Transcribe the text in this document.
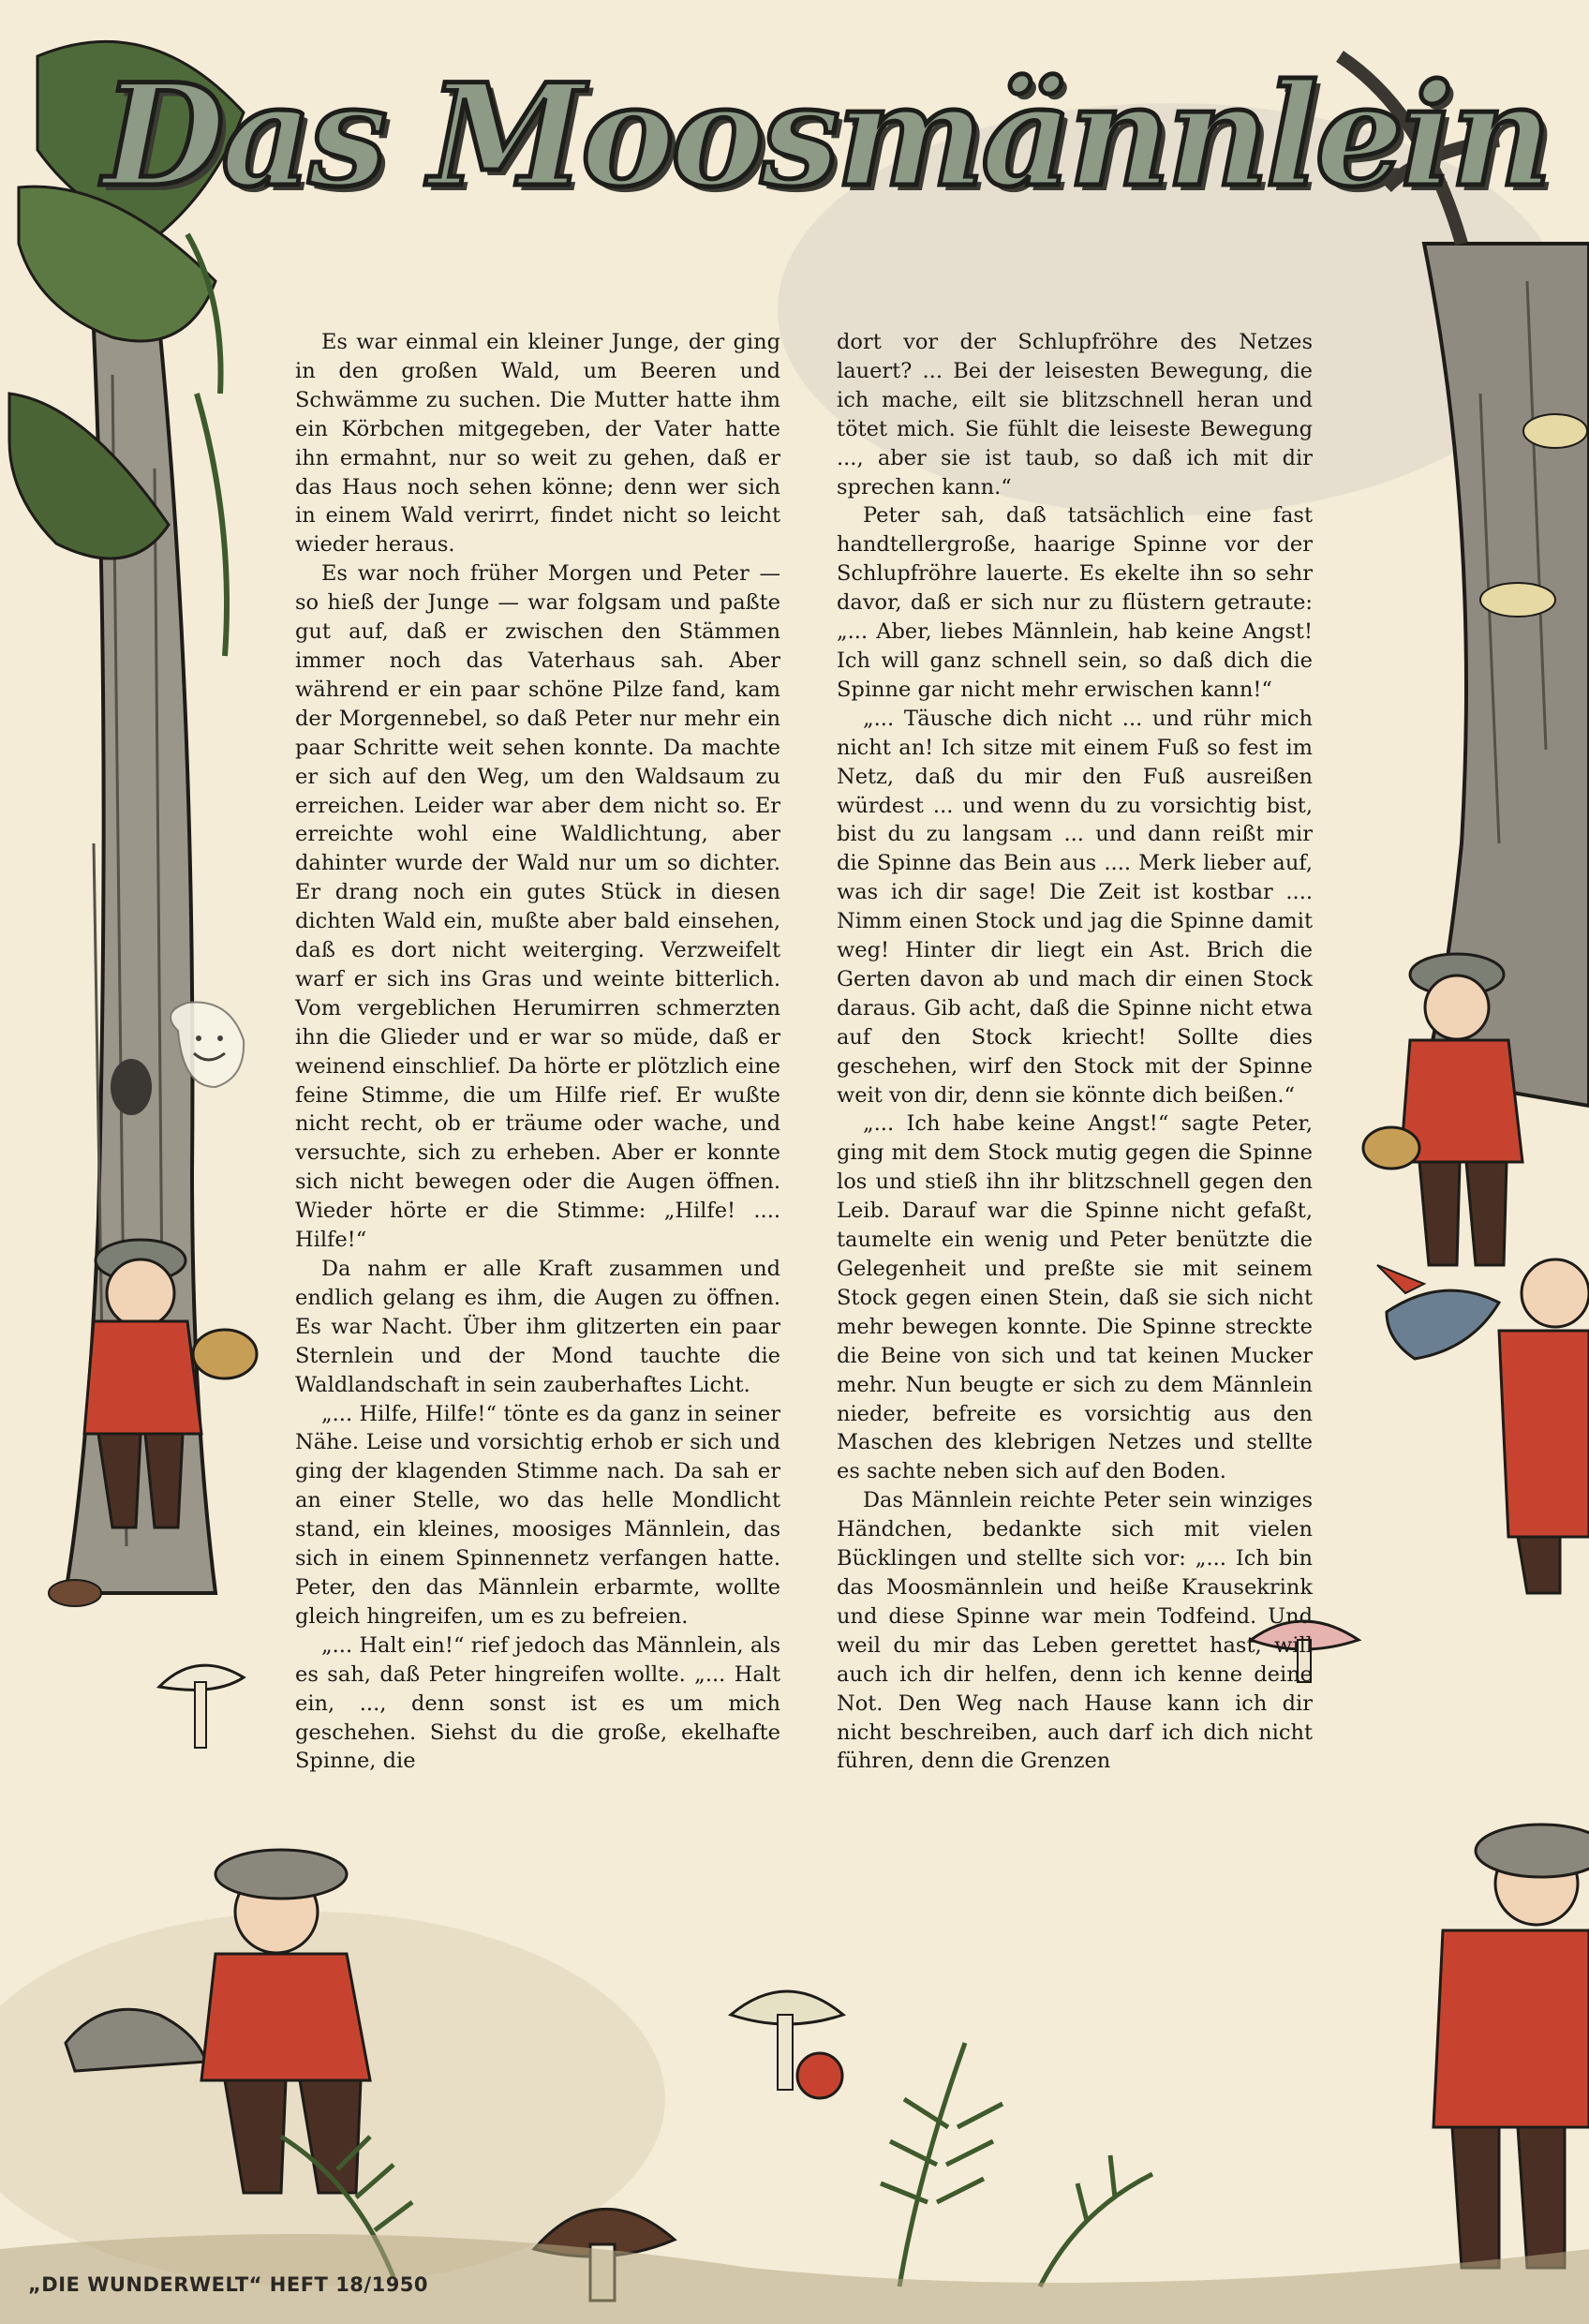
Das Moosmännlein

Es war einmal ein kleiner Junge, der ging in den großen Wald, um Beeren und Schwämme zu suchen. Die Mutter hatte ihm ein Körbchen mitgegeben, der Vater hatte ihn ermahnt, nur so weit zu gehen, daß er das Haus noch sehen könne; denn wer sich in einem Wald verirrt, findet nicht so leicht wieder heraus.

Es war noch früher Morgen und Peter — so hieß der Junge — war folgsam und paßte gut auf, daß er zwischen den Stämmen immer noch das Vaterhaus sah. Aber während er ein paar schöne Pilze fand, kam der Morgennebel, so daß Peter nur mehr ein paar Schritte weit sehen konnte. Da machte er sich auf den Weg, um den Waldsaum zu erreichen. Leider war aber dem nicht so. Er erreichte wohl eine Waldlichtung, aber dahinter wurde der Wald nur um so dichter. Er drang noch ein gutes Stück in diesen dichten Wald ein, mußte aber bald einsehen, daß es dort nicht weiterging. Verzweifelt warf er sich ins Gras und weinte bitterlich. Vom vergeblichen Herumirren schmerzten ihn die Glieder und er war so müde, daß er weinend einschlief. Da hörte er plötzlich eine feine Stimme, die um Hilfe rief. Er wußte nicht recht, ob er träume oder wache, und versuchte, sich zu erheben. Aber er konnte sich nicht bewegen oder die Augen öffnen. Wieder hörte er die Stimme: „Hilfe! .... Hilfe!“

Da nahm er alle Kraft zusammen und endlich gelang es ihm, die Augen zu öffnen. Es war Nacht. Über ihm glitzerten ein paar Sternlein und der Mond tauchte die Waldlandschaft in sein zauberhaftes Licht.

„... Hilfe, Hilfe!“ tönte es da ganz in seiner Nähe. Leise und vorsichtig erhob er sich und ging der klagenden Stimme nach. Da sah er an einer Stelle, wo das helle Mondlicht stand, ein kleines, moosiges Männlein, das sich in einem Spinnennetz verfangen hatte. Peter, den das Männlein erbarmte, wollte gleich hingreifen, um es zu befreien.

„... Halt ein!“ rief jedoch das Männlein, als es sah, daß Peter hingreifen wollte. „... Halt ein, ..., denn sonst ist es um mich geschehen. Siehst du die große, ekelhafte Spinne, die

dort vor der Schlupfröhre des Netzes lauert? ... Bei der leisesten Bewegung, die ich mache, eilt sie blitzschnell heran und tötet mich. Sie fühlt die leiseste Bewegung ..., aber sie ist taub, so daß ich mit dir sprechen kann.“

Peter sah, daß tatsächlich eine fast handtellergroße, haarige Spinne vor der Schlupfröhre lauerte. Es ekelte ihn so sehr davor, daß er sich nur zu flüstern getraute: „... Aber, liebes Männlein, hab keine Angst! Ich will ganz schnell sein, so daß dich die Spinne gar nicht mehr erwischen kann!“

„... Täusche dich nicht ... und rühr mich nicht an! Ich sitze mit einem Fuß so fest im Netz, daß du mir den Fuß ausreißen würdest ... und wenn du zu vorsichtig bist, bist du zu langsam ... und dann reißt mir die Spinne das Bein aus .... Merk lieber auf, was ich dir sage! Die Zeit ist kostbar .... Nimm einen Stock und jag die Spinne damit weg! Hinter dir liegt ein Ast. Brich die Gerten davon ab und mach dir einen Stock daraus. Gib acht, daß die Spinne nicht etwa auf den Stock kriecht! Sollte dies geschehen, wirf den Stock mit der Spinne weit von dir, denn sie könnte dich beißen.“

„... Ich habe keine Angst!“ sagte Peter, ging mit dem Stock mutig gegen die Spinne los und stieß ihn ihr blitzschnell gegen den Leib. Darauf war die Spinne nicht gefaßt, taumelte ein wenig und Peter benützte die Gelegenheit und preßte sie mit seinem Stock gegen einen Stein, daß sie sich nicht mehr bewegen konnte. Die Spinne streckte die Beine von sich und tat keinen Mucker mehr. Nun beugte er sich zu dem Männlein nieder, befreite es vorsichtig aus den Maschen des klebrigen Netzes und stellte es sachte neben sich auf den Boden.

Das Männlein reichte Peter sein winziges Händchen, bedankte sich mit vielen Bücklingen und stellte sich vor: „... Ich bin das Moosmännlein und heiße Krausekrink und diese Spinne war mein Todfeind. Und weil du mir das Leben gerettet hast, will auch ich dir helfen, denn ich kenne deine Not. Den Weg nach Hause kann ich dir nicht beschreiben, auch darf ich dich nicht führen, denn die Grenzen

„DIE WUNDERWELT“ HEFT 18/1950
